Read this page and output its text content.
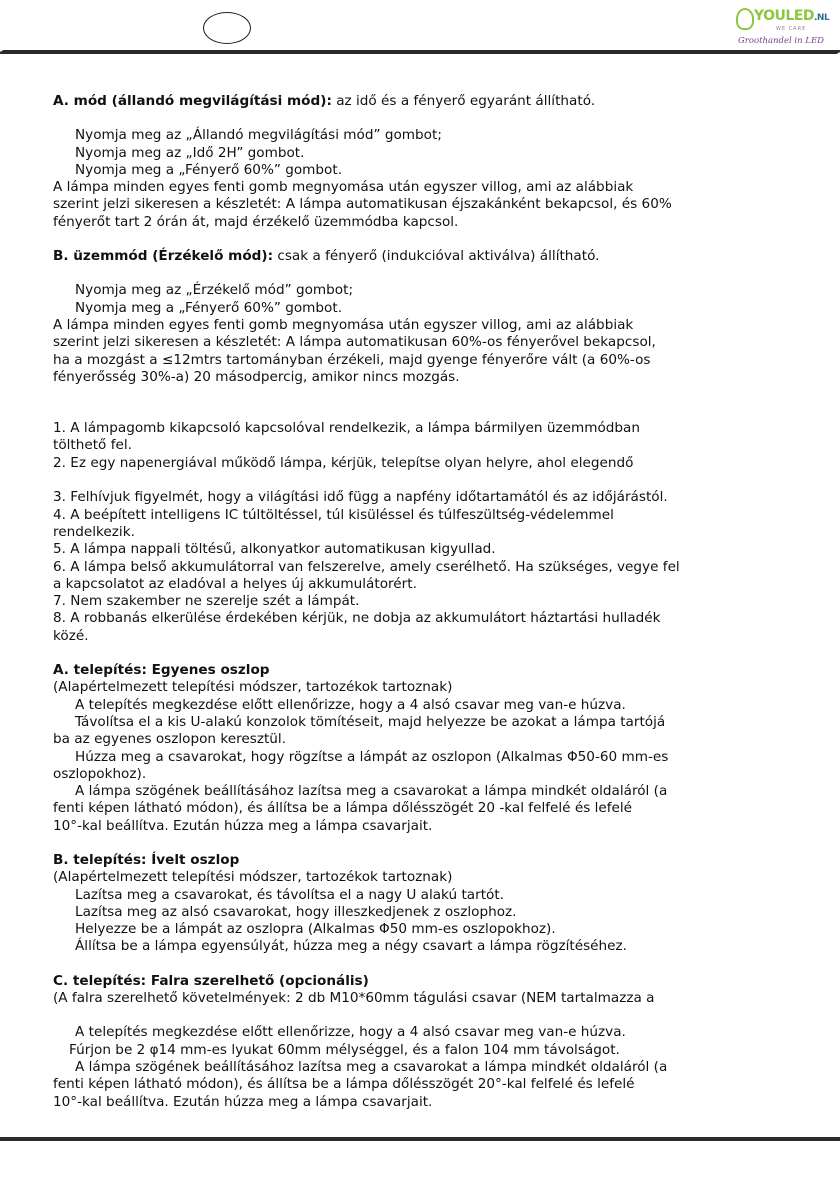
YOULED.NL
WE CARE
Groothandel in LED
A. mód (állandó megvilágítási mód): az idő és a fényerő egyaránt állítható.
Nyomja meg az „Állandó megvilágítási mód” gombot;
Nyomja meg az „Idő 2H” gombot.
Nyomja meg a „Fényerő 60%” gombot.
A lámpa minden egyes fenti gomb megnyomása után egyszer villog, ami az alábbiak
szerint jelzi sikeresen a készletét: A lámpa automatikusan éjszakánként bekapcsol, és 60%
fényerőt tart 2 órán át, majd érzékelő üzemmódba kapcsol.
B. üzemmód (Érzékelő mód): csak a fényerő (indukcióval aktiválva) állítható.
Nyomja meg az „Érzékelő mód” gombot;
Nyomja meg a „Fényerő 60%” gombot.
A lámpa minden egyes fenti gomb megnyomása után egyszer villog, ami az alábbiak
szerint jelzi sikeresen a készletét: A lámpa automatikusan 60%-os fényerővel bekapcsol,
ha a mozgást a ≤12mtrs tartományban érzékeli, majd gyenge fényerőre vált (a 60%-os
fényerősség 30%-a) 20 másodpercig, amikor nincs mozgás.
1. A lámpagomb kikapcsoló kapcsolóval rendelkezik, a lámpa bármilyen üzemmódban
tölthető fel.
2. Ez egy napenergiával működő lámpa, kérjük, telepítse olyan helyre, ahol elegendő
3. Felhívjuk figyelmét, hogy a világítási idő függ a napfény időtartamától és az időjárástól.
4. A beépített intelligens IC túltöltéssel, túl kisüléssel és túlfeszültség-védelemmel
rendelkezik.
5. A lámpa nappali töltésű, alkonyatkor automatikusan kigyullad.
6. A lámpa belső akkumulátorral van felszerelve, amely cserélhető. Ha szükséges, vegye fel
a kapcsolatot az eladóval a helyes új akkumulátorért.
7. Nem szakember ne szerelje szét a lámpát.
8. A robbanás elkerülése érdekében kérjük, ne dobja az akkumulátort háztartási hulladék
közé.
A. telepítés: Egyenes oszlop
(Alapértelmezett telepítési módszer, tartozékok tartoznak)
A telepítés megkezdése előtt ellenőrizze, hogy a 4 alsó csavar meg van-e húzva.
Távolítsa el a kis U-alakú konzolok tömítéseit, majd helyezze be azokat a lámpa tartójá
ba az egyenes oszlopon keresztül.
Húzza meg a csavarokat, hogy rögzítse a lámpát az oszlopon (Alkalmas Φ50-60 mm-es
oszlopokhoz).
A lámpa szögének beállításához lazítsa meg a csavarokat a lámpa mindkét oldaláról (a
fenti képen látható módon), és állítsa be a lámpa dőlésszögét 20 -kal felfelé és lefelé
10°-kal beállítva. Ezután húzza meg a lámpa csavarjait.
B. telepítés: Ívelt oszlop
(Alapértelmezett telepítési módszer, tartozékok tartoznak)
Lazítsa meg a csavarokat, és távolítsa el a nagy U alakú tartót.
Lazítsa meg az alsó csavarokat, hogy illeszkedjenek z oszlophoz.
Helyezze be a lámpát az oszlopra (Alkalmas Φ50 mm-es oszlopokhoz).
Állítsa be a lámpa egyensúlyát, húzza meg a négy csavart a lámpa rögzítéséhez.
C. telepítés: Falra szerelhető (opcionális)
(A falra szerelhető követelmények: 2 db M10*60mm tágulási csavar (NEM tartalmazza a
A telepítés megkezdése előtt ellenőrizze, hogy a 4 alsó csavar meg van-e húzva.
Fúrjon be 2 φ14 mm-es lyukat 60mm mélységgel, és a falon 104 mm távolságot.
A lámpa szögének beállításához lazítsa meg a csavarokat a lámpa mindkét oldaláról (a
fenti képen látható módon), és állítsa be a lámpa dőlésszögét 20°-kal felfelé és lefelé
10°-kal beállítva. Ezután húzza meg a lámpa csavarjait.
